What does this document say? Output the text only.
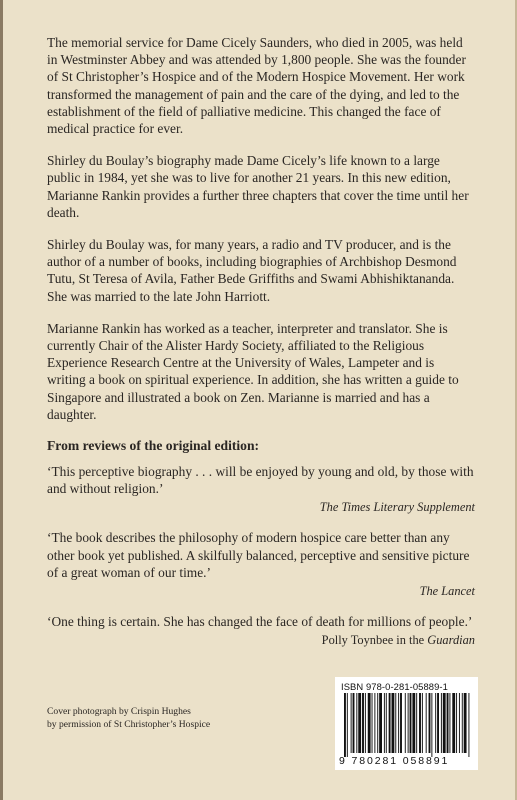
The memorial service for Dame Cicely Saunders, who died in 2005, was held in Westminster Abbey and was attended by 1,800 people. She was the founder of St Christopher’s Hospice and of the Modern Hospice Movement. Her work transformed the management of pain and the care of the dying, and led to the establishment of the field of palliative medicine. This changed the face of medical practice for ever.

Shirley du Boulay’s biography made Dame Cicely’s life known to a large public in 1984, yet she was to live for another 21 years. In this new edition, Marianne Rankin provides a further three chapters that cover the time until her death.

Shirley du Boulay was, for many years, a radio and TV producer, and is the author of a number of books, including biographies of Archbishop Desmond Tutu, St Teresa of Avila, Father Bede Griffiths and Swami Abhishiktananda. She was married to the late John Harriott.

Marianne Rankin has worked as a teacher, interpreter and translator. She is currently Chair of the Alister Hardy Society, affiliated to the Religious Experience Research Centre at the University of Wales, Lampeter and is writing a book on spiritual experience. In addition, she has written a guide to Singapore and illustrated a book on Zen. Marianne is married and has a daughter.

From reviews of the original edition:

‘This perceptive biography . . . will be enjoyed by young and old, by those with and without religion.’

The Times Literary Supplement

‘The book describes the philosophy of modern hospice care better than any other book yet published. A skilfully balanced, perceptive and sensitive picture of a great woman of our time.’

The Lancet

‘One thing is certain. She has changed the face of death for millions of people.’

Polly Toynbee in the Guardian

Cover photograph by Crispin Hughes
by permission of St Christopher’s Hospice
ISBN 978-0-281-05889-1
9 780281 058891
